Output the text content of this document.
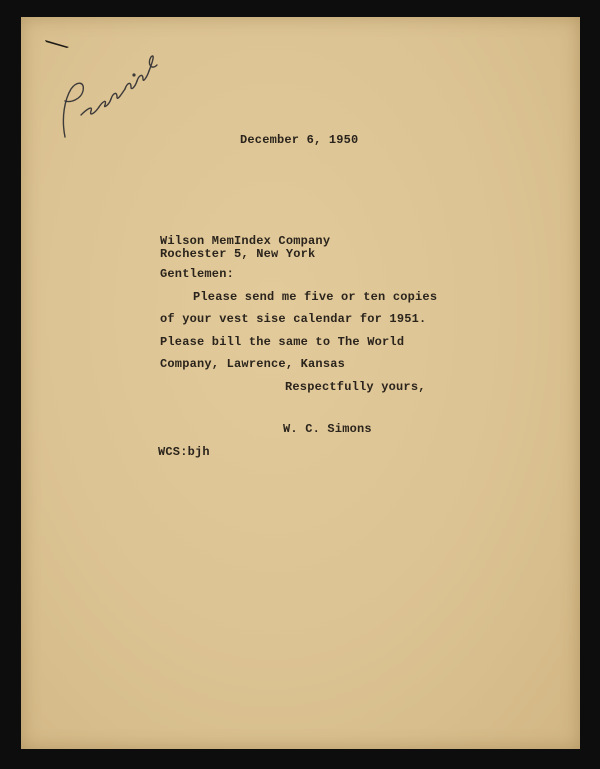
December 6, 1950

Wilson MemIndex Company

Rochester 5, New York

Gentlemen:

Please send me five or ten copies

of your vest sise calendar for 1951.

Please bill the same to The World

Company, Lawrence, Kansas

Respectfully yours,

W. C. Simons

WCS:bjh
